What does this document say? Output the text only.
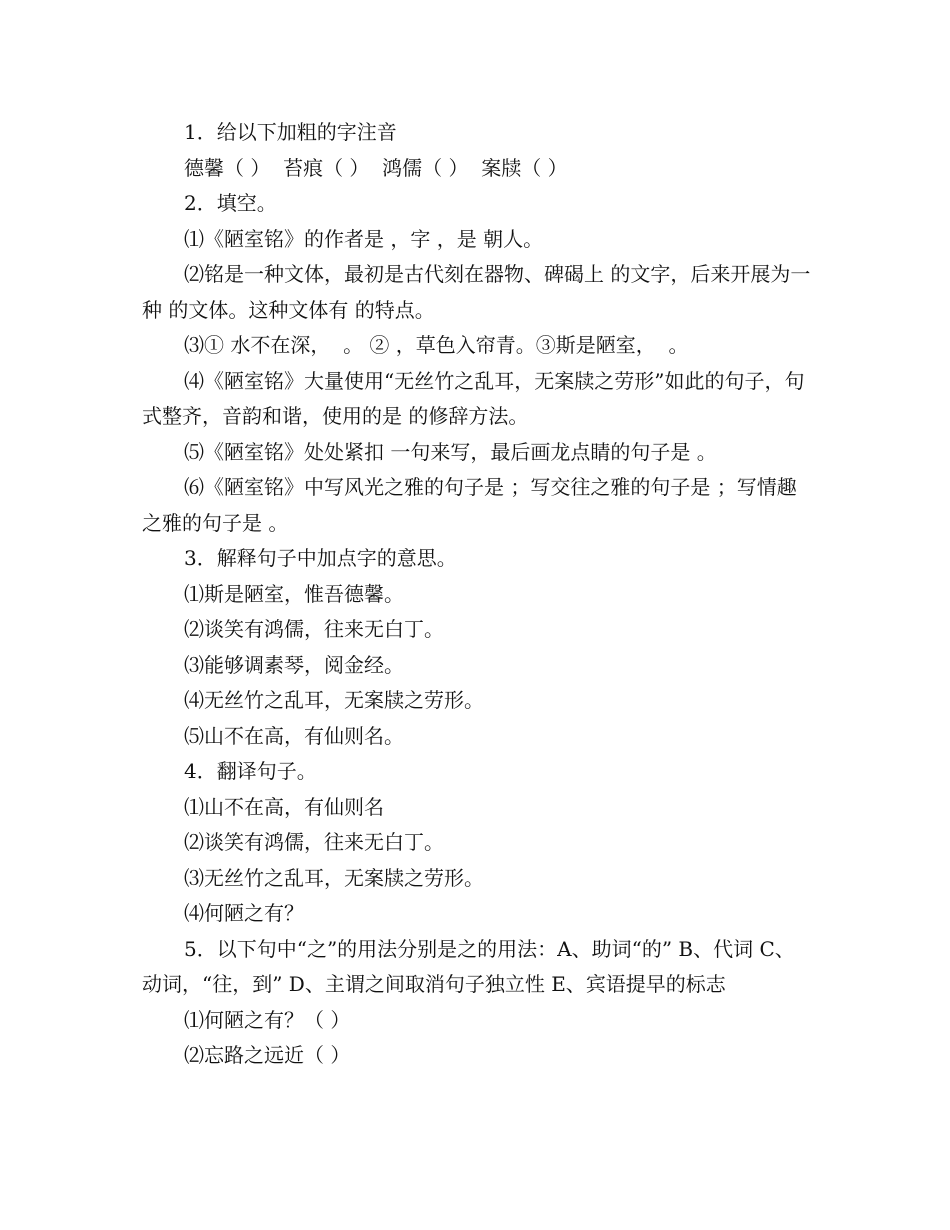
1．给以下加粗的字注音

德馨（ ）  苔痕（ ）  鸿儒（ ）  案牍（ ）

2．填空。

⑴《陋室铭》的作者是 ，字 ，是 朝人。

⑵铭是一种文体，最初是古代刻在器物、碑碣上 的文字，后来开展为一种 的文体。这种文体有 的特点。

⑶① 水不在深，  。 ② ，草色入帘青。③斯是陋室，  。

⑷《陋室铭》大量使用“无丝竹之乱耳，无案牍之劳形”如此的句子，句式整齐，音韵和谐，使用的是 的修辞方法。

⑸《陋室铭》处处紧扣 一句来写，最后画龙点睛的句子是 。

⑹《陋室铭》中写风光之雅的句子是 ；写交往之雅的句子是 ；写情趣之雅的句子是 。

3．解释句子中加点字的意思。

⑴斯是陋室，惟吾德馨。

⑵谈笑有鸿儒，往来无白丁。

⑶能够调素琴，阅金经。

⑷无丝竹之乱耳，无案牍之劳形。

⑸山不在高，有仙则名。

4．翻译句子。

⑴山不在高，有仙则名

⑵谈笑有鸿儒，往来无白丁。

⑶无丝竹之乱耳，无案牍之劳形。

⑷何陋之有？

5．以下句中“之”的用法分别是之的用法：A、助词“的” B、代词 C、动词，“往，到” D、主谓之间取消句子独立性 E、宾语提早的标志

⑴何陋之有？（ ）

⑵忘路之远近（ ）
